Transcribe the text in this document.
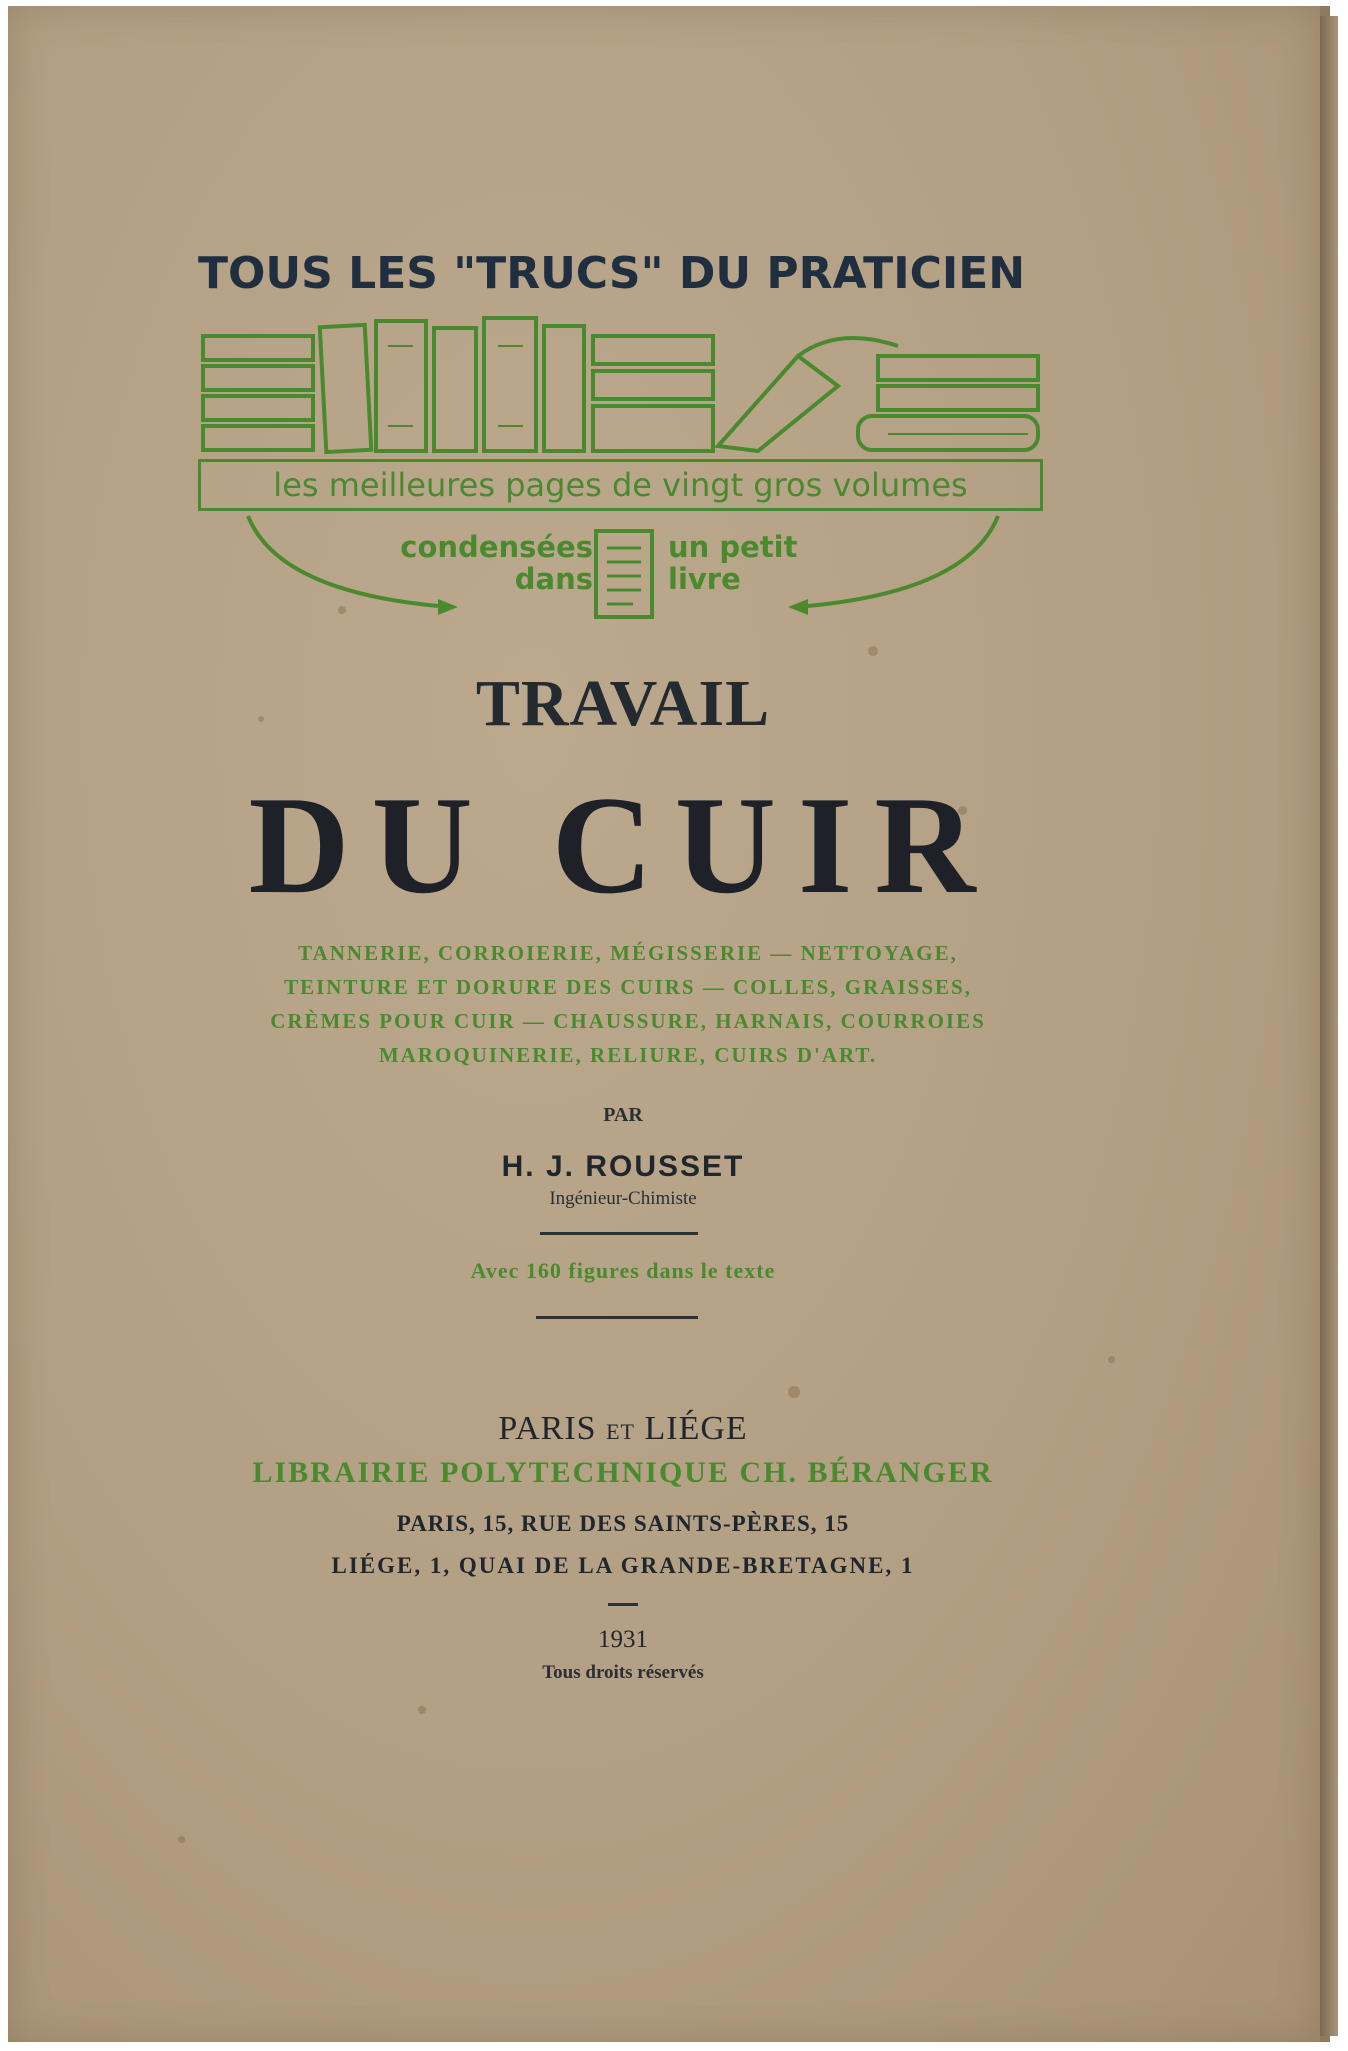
TOUS LES "TRUCS" DU PRATICIEN
les meilleures pages de vingt gros volumes
condensées
dans
un petit
livre
TRAVAIL
DU CUIR
TANNERIE, CORROIERIE, MÉGISSERIE — NETTOYAGE,
TEINTURE ET DORURE DES CUIRS — COLLES, GRAISSES,
CRÈMES POUR CUIR — CHAUSSURE, HARNAIS, COURROIES
MAROQUINERIE, RELIURE, CUIRS D'ART.
PAR
H. J. ROUSSET
Ingénieur-Chimiste
Avec 160 figures dans le texte
PARIS ET LIÉGE
LIBRAIRIE POLYTECHNIQUE CH. BÉRANGER
PARIS, 15, RUE DES SAINTS-PÈRES, 15
LIÉGE, 1, QUAI DE LA GRANDE-BRETAGNE, 1
1931
Tous droits réservés
